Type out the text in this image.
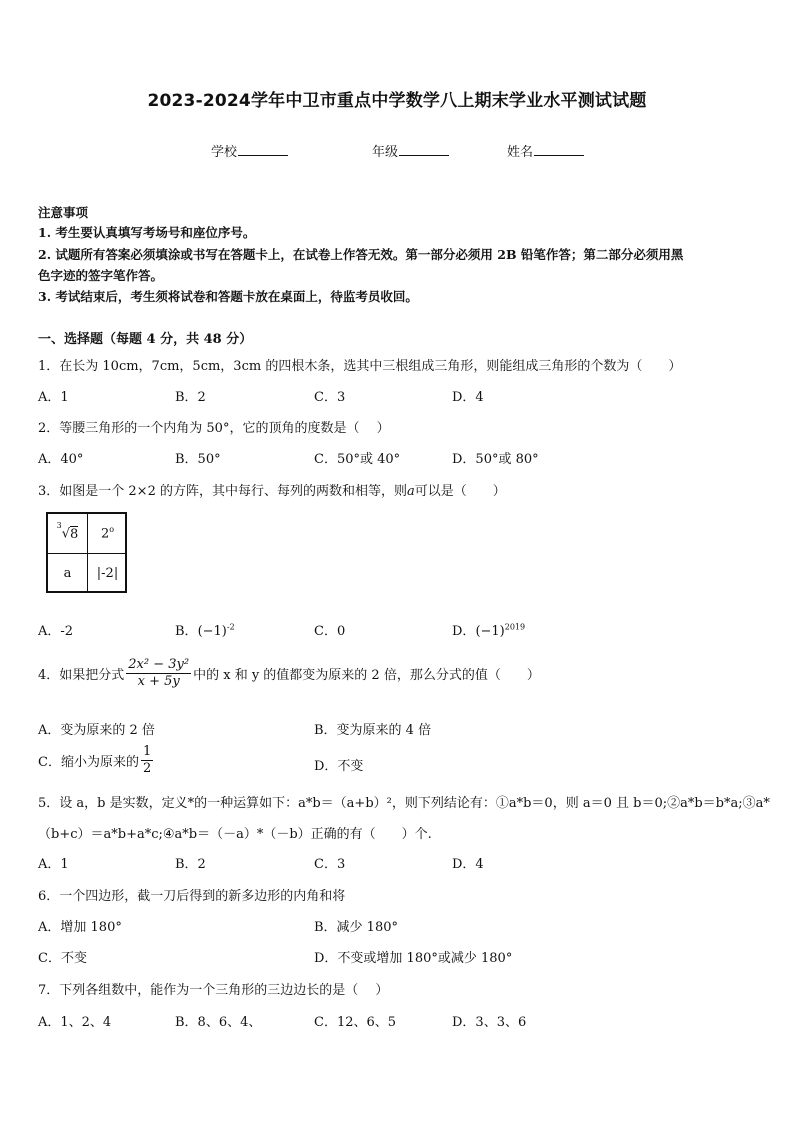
2023-2024学年中卫市重点中学数学八上期末学业水平测试试题
学校	年级	姓名
注意事项
1. 考生要认真填写考场号和座位序号。
2. 试题所有答案必须填涂或书写在答题卡上，在试卷上作答无效。第一部分必须用 2B 铅笔作答；第二部分必须用黑
色字迹的签字笔作答。
3. 考试结束后，考生须将试卷和答题卡放在桌面上，待监考员收回。
一、选择题（每题 4 分，共 48 分）
1．在长为 10cm，7cm，5cm，3cm 的四根木条，选其中三根组成三角形，则能组成三角形的个数为（　　）
A．1	B．2	C．3	D．4
2．等腰三角形的一个内角为 50°，它的顶角的度数是（　 ）
A．40°	B．50°	C．50°或 40°	D．50°或 80°
3．如图是一个 2×2 的方阵，其中每行、每列的两数和相等，则a可以是（　　）
$^3$√8 2$^o$
a |-2|
A．-2	B．$(-1)^{-2}$	C．0	D．$(-1)^{2019}$
4．如果把分式 $\frac{\text{2x² − 3y²}}{x + 5y}$ 中的 x 和 y 的值都变为原来的 2 倍，那么分式的值（　　）
A．变为原来的 2 倍	B．变为原来的 4 倍
C．缩小为原来的 $\frac{1}{2}$	D．不变
5．设 a，b 是实数，定义*的一种运算如下：a*b＝（a+b）²，则下列结论有：①a*b＝0，则 a＝0 且 b＝0;②a*b＝b*a;③a*
（b+c）＝a*b+a*c;④a*b＝（－a）*（－b）正确的有（　　）个.
A．1	B．2	C．3	D．4
6．一个四边形，截一刀后得到的新多边形的内角和将
A．增加 180°	B．减少 180°
C．不变	D．不变或增加 180°或减少 180°
7．下列各组数中，能作为一个三角形的三边边长的是（　 ）
A．1、2、4	B．8、6、4、	C．12、6、5	D．3、3、6
